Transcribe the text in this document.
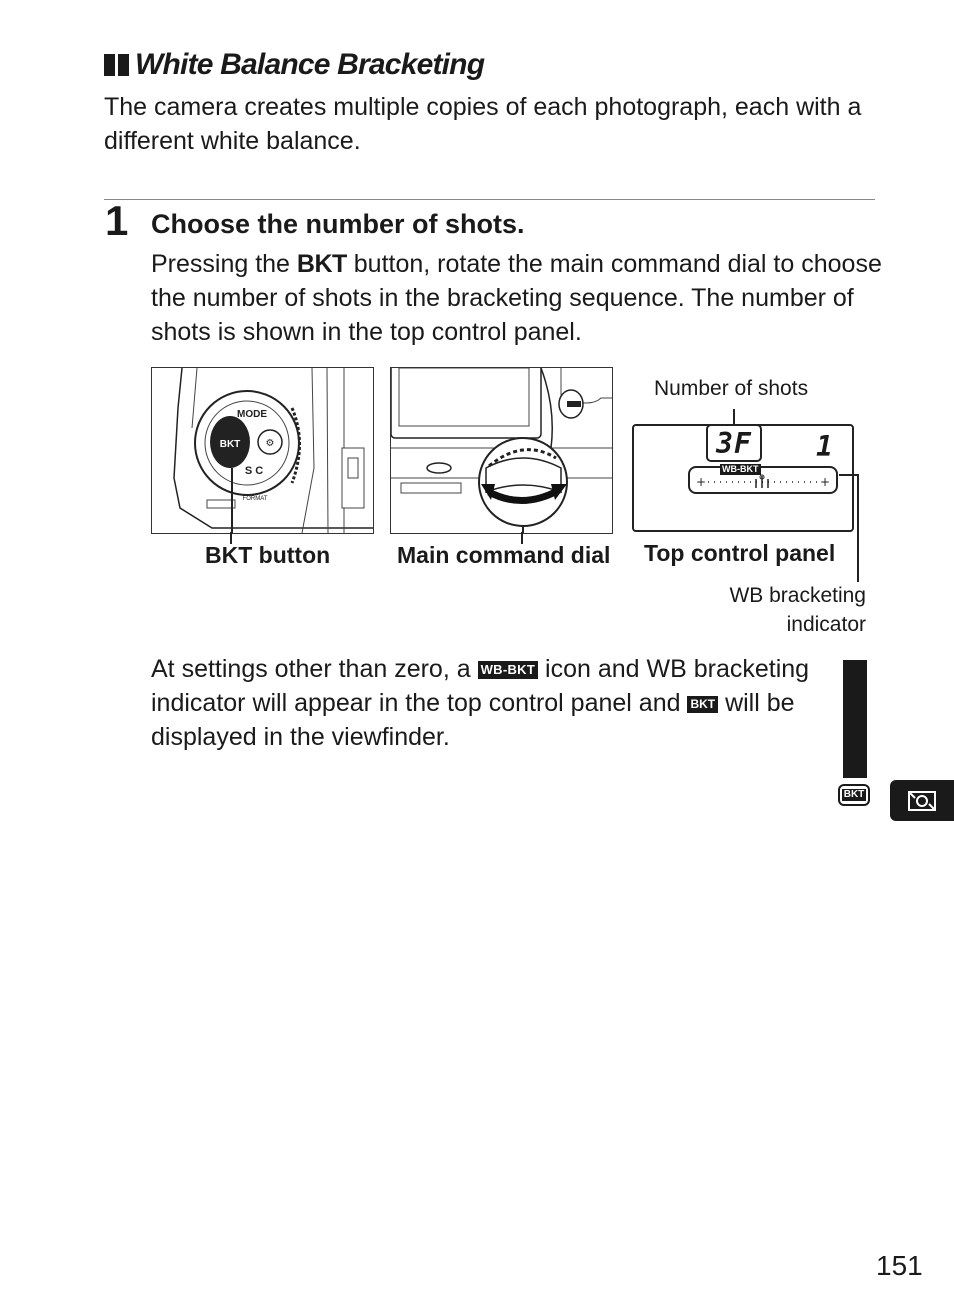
White Balance Bracketing
The camera creates multiple copies of each photograph, each with a different white balance.
1 Choose the number of shots.
Pressing the BKT button, rotate the main command dial to choose the number of shots in the bracketing sequence. The number of shots is shown in the top control panel.
BKT
MODE
⚙
S C
FORMAT
Number of shots
3F	1
WB-BKT
+	+
BKT button	Main command dial Top control panel
WB bracketing
indicator
At settings other than zero, a WB-BKT icon and WB bracketing indicator will appear in the top control panel and BKT will be displayed in the viewfinder.
BKT
151
